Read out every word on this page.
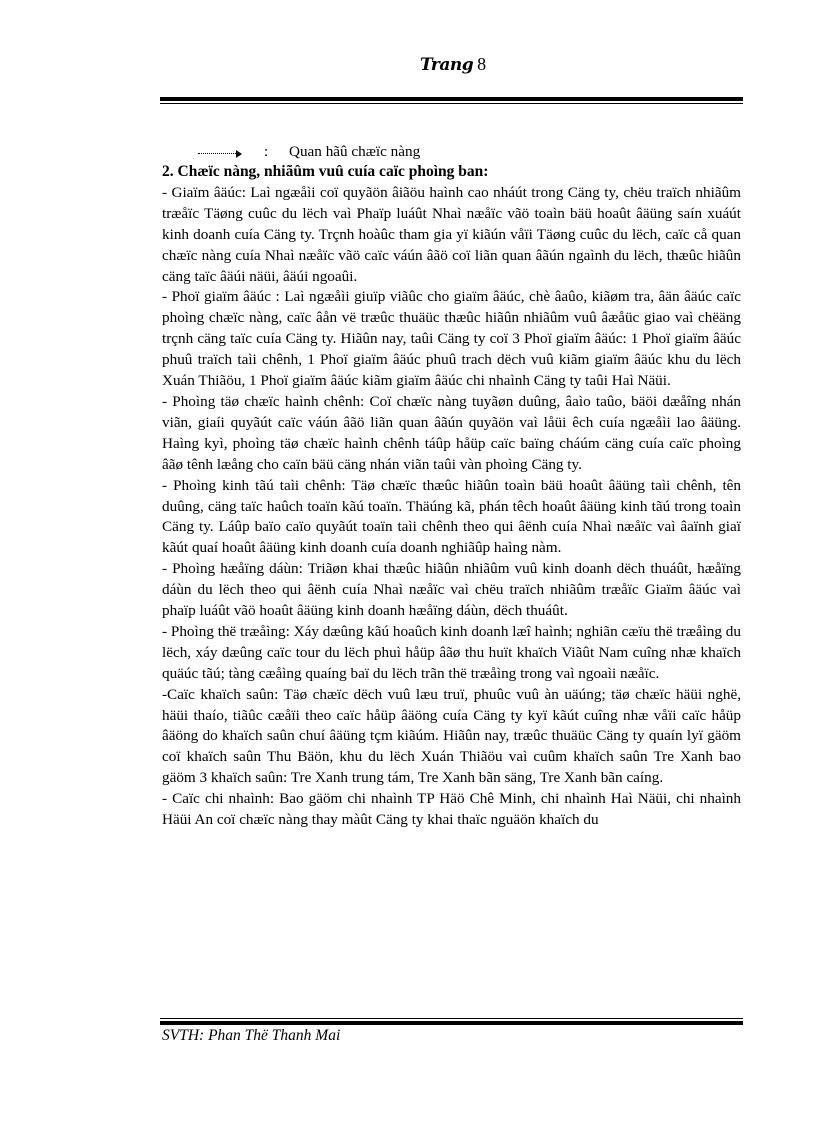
Trang 8
: Quan hãû chæïc nàng

2. Chæïc nàng, nhiãûm vuû cuía caïc phoìng ban:

- Giaïm âäúc: Laì ngæåìi coï quyãön âiãöu haình cao nháút trong Cäng ty, chëu traïch nhiãûm træåïc Täøng cuûc du lëch vaì Phaïp luáût Nhaì næåïc vãö toaìn bäü hoaût âäüng saín xuáút kinh doanh cuía Cäng ty. Trçnh hoàûc tham gia yï kiãún våïi Täøng cuûc du lëch, caïc cå quan chæïc nàng cuía Nhaì næåïc vãö caïc váún âãö coï liãn quan âãún ngaình du lëch, thæûc hiãûn cäng taïc âäúi näüi, âäúi ngoaûi.

- Phoï giaïm âäúc : Laì ngæåìi giuïp viãûc cho giaïm âäúc, chè âaûo, kiãøm tra, âän âäúc caïc phoìng chæïc nàng, caïc âån vë træûc thuäüc thæûc hiãûn nhiãûm vuû âæåüc giao vaì chëäng trçnh cäng taïc cuía Cäng ty. Hiãûn nay, taûi Cäng ty coï 3 Phoï giaïm âäúc: 1 Phoï giaïm âäúc phuû traïch taìi chênh, 1 Phoï giaïm âäúc phuû trach dëch vuû kiãm giaïm âäúc khu du lëch Xuán Thiãöu, 1 Phoï giaïm âäúc kiãm giaïm âäúc chi nhaình Cäng ty taûi Haì Näüi.

- Phoìng täø chæïc haình chênh: Coï chæïc nàng tuyãøn duûng, âaìo taûo, bäöi dæåîng nhán viãn, giaíi quyãút caïc váún âãö liãn quan âãún quyãön vaì låüi êch cuía ngæåìi lao âäüng. Haìng kyì, phoìng täø chæïc haình chênh táûp håüp caïc baïng cháúm cäng cuía caïc phoìng âãø tênh læång cho caïn bäü cäng nhán viãn taûi vàn phoìng Cäng ty.

- Phoìng kinh tãú taìi chênh: Täø chæïc thæûc hiãûn toaìn bäü hoaût âäüng taìi chênh, tên duûng, cäng taïc haûch toaïn kãú toaïn. Thäúng kã, phán têch hoaût âäüng kinh tãú trong toaìn Cäng ty. Láûp baïo caïo quyãút toaïn taìi chênh theo qui âënh cuía Nhaì næåïc vaì âaïnh giaï kãút quaí hoaût âäüng kinh doanh cuía doanh nghiãûp haìng nàm.

- Phoìng hæåïng dáùn: Triãøn khai thæûc hiãûn nhiãûm vuû kinh doanh dëch thuáût, hæåïng dáùn du lëch theo qui âënh cuía Nhaì næåïc vaì chëu traïch nhiãûm træåïc Giaïm âäúc vaì phaïp luáût vãö hoaût âäüng kinh doanh hæåïng dáùn, dëch thuáût.

- Phoìng thë træåìng: Xáy dæûng kãú hoaûch kinh doanh læî haình; nghiãn cæïu thë træåìng du lëch, xáy dæûng caïc tour du lëch phuì håüp âãø thu huït khaïch Viãût Nam cuîng nhæ khaïch quäúc tãú; tàng cæåìng quaíng baï du lëch trãn thë træåìng trong vaì ngoaìi næåïc.

-Caïc khaïch saûn: Täø chæïc dëch vuû læu truï, phuûc vuû àn uäúng; täø chæïc häüi nghë, häüi thaío, tiãûc cæåïi theo caïc håüp âäöng cuía Cäng ty kyï kãút cuîng nhæ våïi caïc håüp âäöng do khaïch saûn chuí âäüng tçm kiãúm. Hiãûn nay, træûc thuäüc Cäng ty quaín lyï gäöm coï khaïch saûn Thu Bäön, khu du lëch Xuán Thiãöu vaì cuûm khaïch saûn Tre Xanh bao gäöm 3 khaïch saûn: Tre Xanh trung tám, Tre Xanh bãn säng, Tre Xanh bãn caíng.

- Caïc chi nhaình: Bao gäöm chi nhaình TP Häö Chê Minh, chi nhaình Haì Näüi, chi nhaình Häüi An coï chæïc nàng thay màût Cäng ty khai thaïc nguäön khaïch du

SVTH: Phan Thë Thanh Mai
